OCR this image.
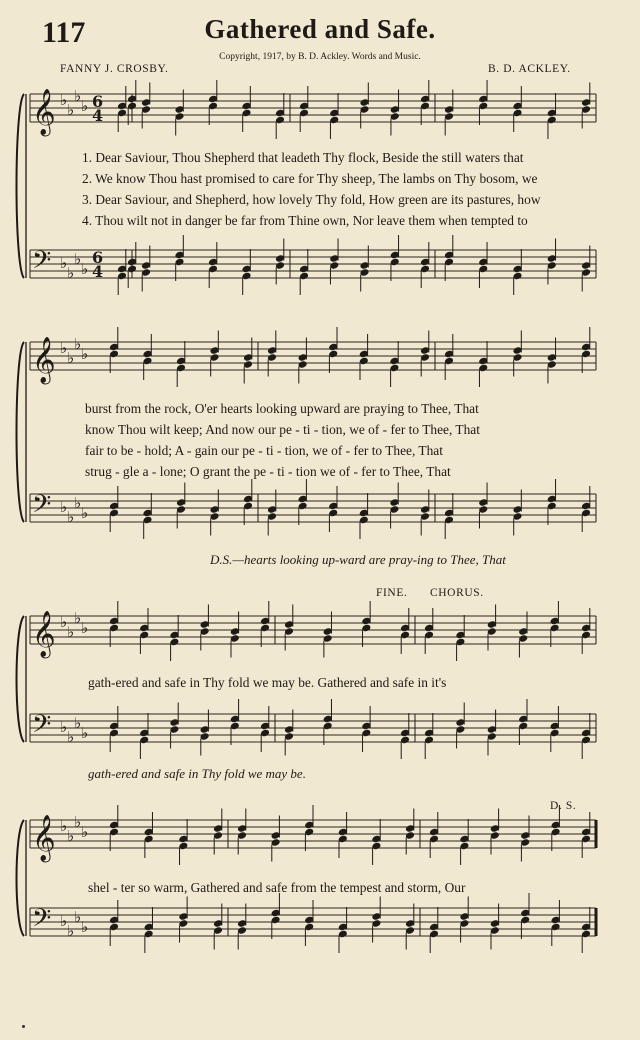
117	Gathered and Safe.
Copyright, 1917, by B. D. Ackley. Words and Music.
FANNY J. CROSBY.	B. D. ACKLEY.
𝄞 ♭
♭
♭
♭
𝄢 ♭
♭
♭
♭
6
4
6
4
𝄞 ♭
♭
♭
♭
𝄢 ♭
♭
♭
♭
𝄞 ♭
♭
♭
♭
𝄢 ♭
♭
♭
♭
𝄞 ♭
♭
♭
♭
𝄢 ♭
♭
♭
♭
1. Dear Saviour, Thou Shepherd that leadeth Thy flock, Beside the still waters that
2. We know Thou hast promised to care for Thy sheep, The lambs on Thy bosom, we
3. Dear Saviour, and Shepherd, how lovely Thy fold, How green are its pastures, how
4. Thou wilt not in danger be far from Thine own, Nor leave them when tempted to
burst from the rock, O'er hearts looking upward are praying to Thee, That
know Thou wilt keep; And now our pe - ti - tion, we of - fer to Thee, That
fair to be - hold; A - gain our pe - ti - tion, we of - fer to Thee, That
strug - gle a - lone; O grant the pe - ti - tion we of - fer to Thee, That
D.S.—hearts looking up-ward are pray-ing to Thee, That
FINE. CHORUS.
gath-ered and safe in Thy fold we may be. Gathered and safe in it's
gath-ered and safe in Thy fold we may be.
D. S.
shel - ter so warm, Gathered and safe from the tempest and storm, Our
